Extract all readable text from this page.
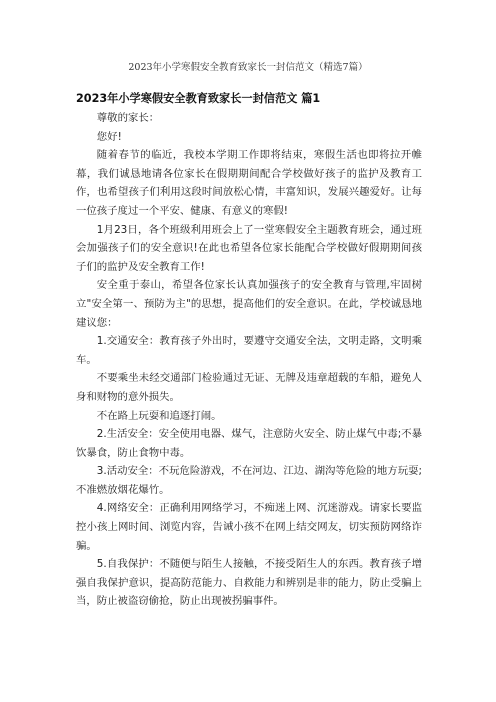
2023年小学寒假安全教育致家长一封信范文（精选7篇）
2023年小学寒假安全教育致家长一封信范文 篇1

尊敬的家长：

您好!

随着春节的临近，我校本学期工作即将结束，寒假生活也即将拉开帷幕，我们诚恳地请各位家长在假期期间配合学校做好孩子的监护及教育工作，也希望孩子们利用这段时间放松心情，丰富知识，发展兴趣爱好。让每一位孩子度过一个平安、健康、有意义的寒假!

1月23日，各个班级利用班会上了一堂寒假安全主题教育班会，通过班会加强孩子们的安全意识!在此也希望各位家长能配合学校做好假期期间孩子们的监护及安全教育工作!

安全重于泰山，希望各位家长认真加强孩子的安全教育与管理,牢固树立"安全第一、预防为主"的思想，提高他们的安全意识。在此，学校诚恳地建议您：

1.交通安全：教育孩子外出时，要遵守交通安全法，文明走路，文明乘车。

不要乘坐未经交通部门检验通过无证、无牌及违章超载的车船，避免人身和财物的意外损失。

不在路上玩耍和追逐打闹。

2.生活安全：安全使用电器、煤气，注意防火安全、防止煤气中毒;不暴饮暴食，防止食物中毒。

3.活动安全：不玩危险游戏，不在河边、江边、湖沟等危险的地方玩耍;不准燃放烟花爆竹。

4.网络安全：正确利用网络学习，不痴迷上网、沉迷游戏。请家长要监控小孩上网时间、浏览内容，告诫小孩不在网上结交网友，切实预防网络诈骗。

5.自我保护：不随便与陌生人接触，不接受陌生人的东西。教育孩子增强自我保护意识，提高防范能力、自救能力和辨别是非的能力，防止受骗上当，防止被盗窃偷抢，防止出现被拐骗事件。
